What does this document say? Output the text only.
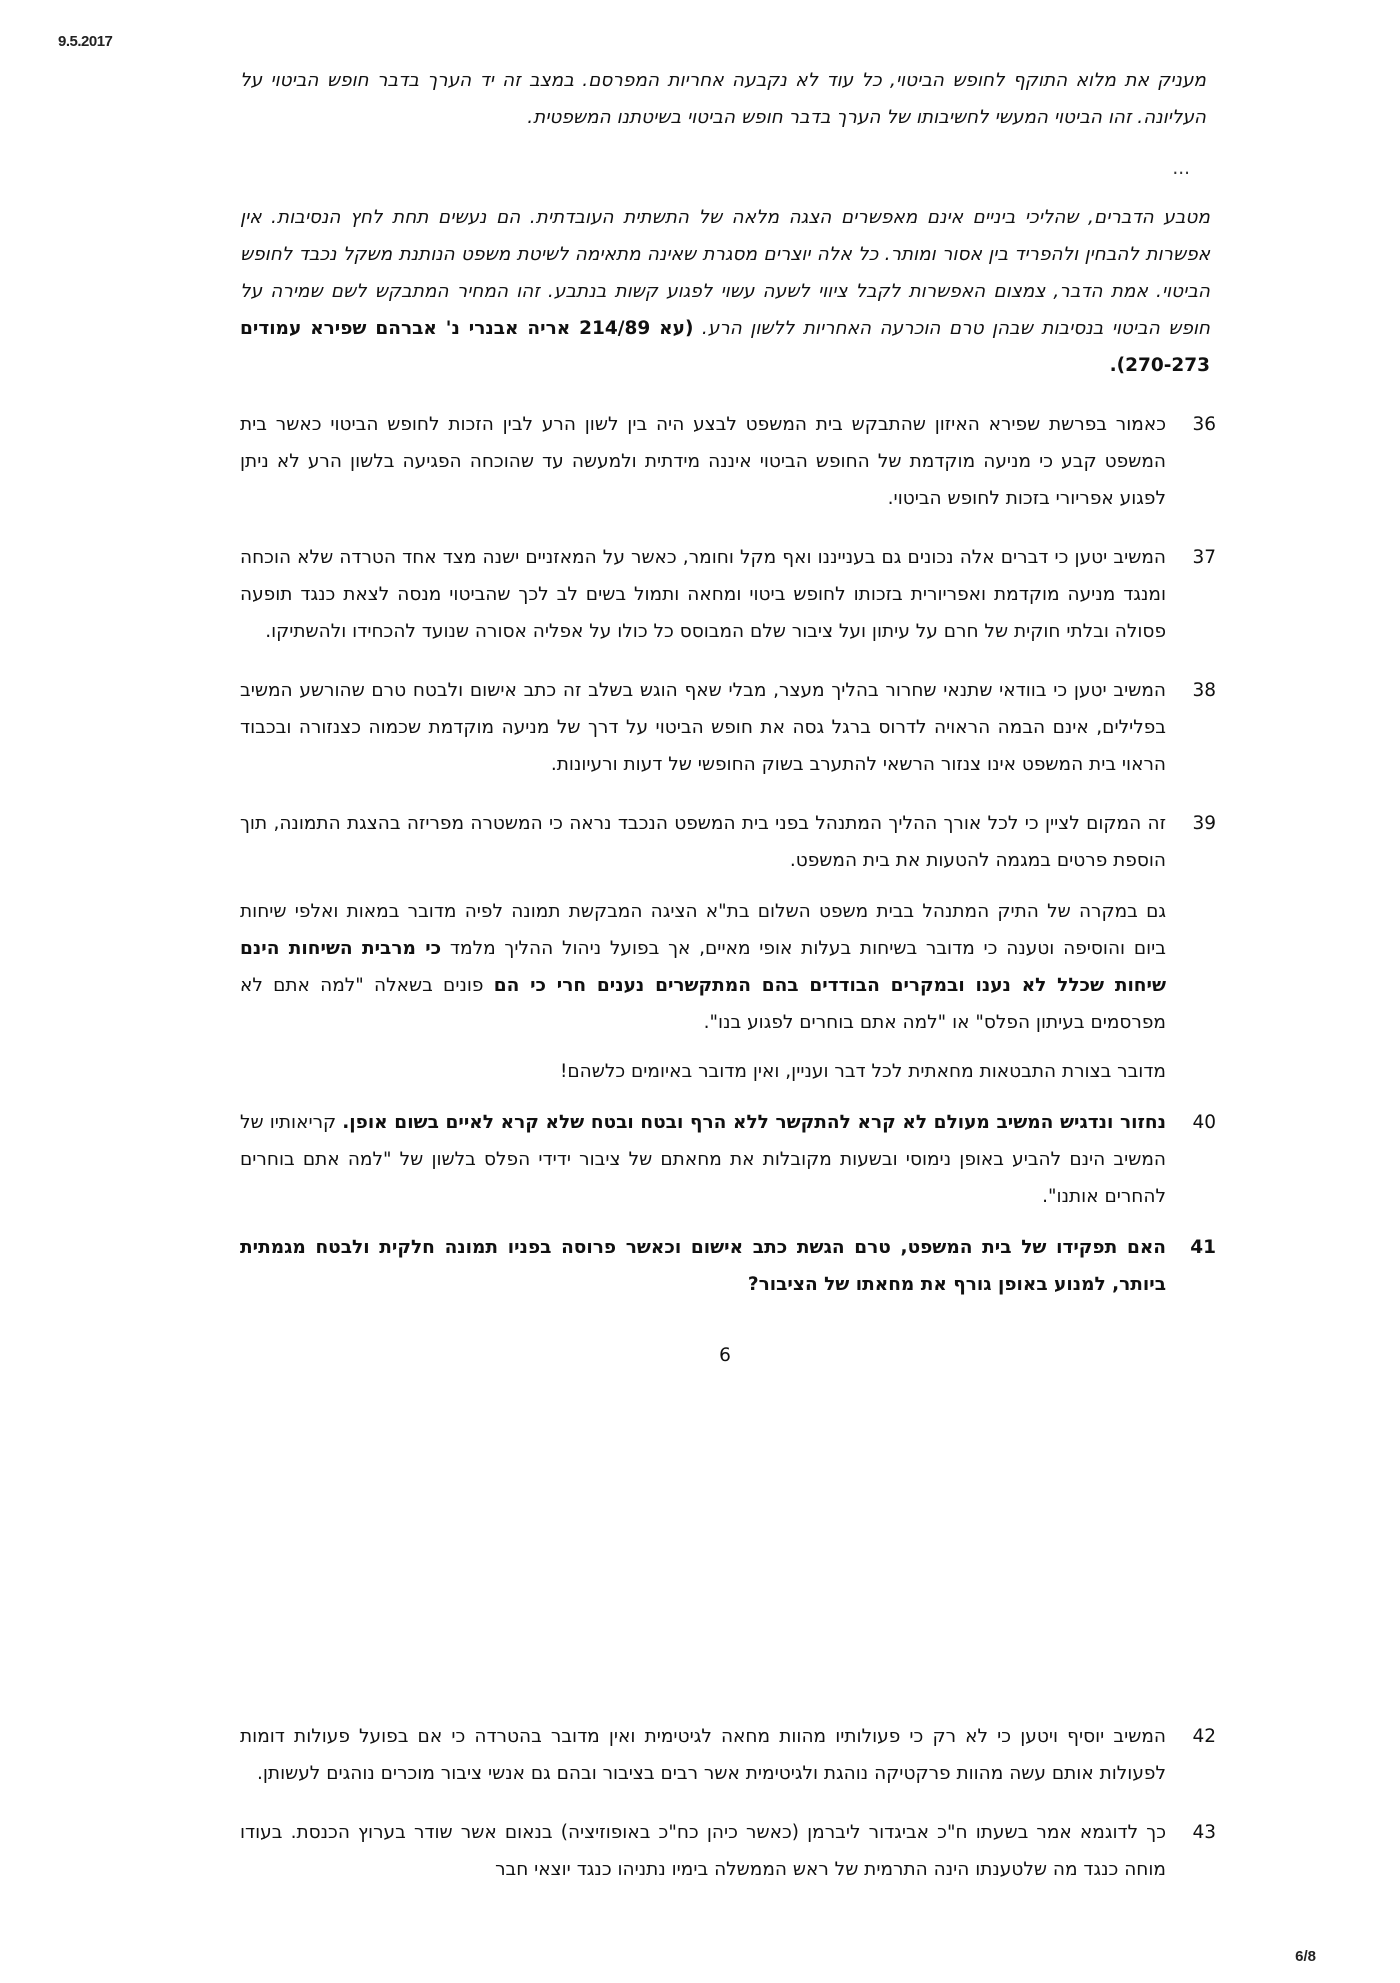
9.5.2017

מעניק את מלוא התוקף לחופש הביטוי, כל עוד לא נקבעה אחריות המפרסם. במצב זה יד הערך בדבר חופש הביטוי על העליונה. זהו הביטוי המעשי לחשיבותו של הערך בדבר חופש הביטוי בשיטתנו המשפטית.

...

מטבע הדברים, שהליכי ביניים אינם מאפשרים הצגה מלאה של התשתית העובדתית. הם נעשים תחת לחץ הנסיבות. אין אפשרות להבחין ולהפריד בין אסור ומותר. כל אלה יוצרים מסגרת שאינה מתאימה לשיטת משפט הנותנת משקל נכבד לחופש הביטוי. אמת הדבר, צמצום האפשרות לקבל ציווי לשעה עשוי לפגוע קשות בנתבע. זהו המחיר המתבקש לשם שמירה על חופש הביטוי בנסיבות שבהן טרם הוכרעה האחריות ללשון הרע. (עא 214/89 אריה אבנרי נ' אברהם שפירא עמודים 270-273).

36
כאמור בפרשת שפירא האיזון שהתבקש בית המשפט לבצע היה בין לשון הרע לבין הזכות לחופש הביטוי כאשר בית המשפט קבע כי מניעה מוקדמת של החופש הביטוי איננה מידתית ולמעשה עד שהוכחה הפגיעה בלשון הרע לא ניתן לפגוע אפריורי בזכות לחופש הביטוי.

37
המשיב יטען כי דברים אלה נכונים גם בענייננו ואף מקל וחומר, כאשר על המאזניים ישנה מצד אחד הטרדה שלא הוכחה ומנגד מניעה מוקדמת ואפריורית בזכותו לחופש ביטוי ומחאה ותמול בשים לב לכך שהביטוי מנסה לצאת כנגד תופעה פסולה ובלתי חוקית של חרם על עיתון ועל ציבור שלם המבוסס כל כולו על אפליה אסורה שנועד להכחידו ולהשתיקו.

38
המשיב יטען כי בוודאי שתנאי שחרור בהליך מעצר, מבלי שאף הוגש בשלב זה כתב אישום ולבטח טרם שהורשע המשיב בפלילים, אינם הבמה הראויה לדרוס ברגל גסה את חופש הביטוי על דרך של מניעה מוקדמת שכמוה כצנזורה ובכבוד הראוי בית המשפט אינו צנזור הרשאי להתערב בשוק החופשי של דעות ורעיונות.

39
זה המקום לציין כי לכל אורך ההליך המתנהל בפני בית המשפט הנכבד נראה כי המשטרה מפריזה בהצגת התמונה, תוך הוספת פרטים במגמה להטעות את בית המשפט.

גם במקרה של התיק המתנהל בבית משפט השלום בת"א הציגה המבקשת תמונה לפיה מדובר במאות ואלפי שיחות ביום והוסיפה וטענה כי מדובר בשיחות בעלות אופי מאיים, אך בפועל ניהול ההליך מלמד כי מרבית השיחות הינם שיחות שכלל לא נענו ובמקרים הבודדים בהם המתקשרים נענים חרי כי הם פונים בשאלה "למה אתם לא מפרסמים בעיתון הפלס" או "למה אתם בוחרים לפגוע בנו".

מדובר בצורת התבטאות מחאתית לכל דבר ועניין, ואין מדובר באיומים כלשהם!

40
נחזור ונדגיש המשיב מעולם לא קרא להתקשר ללא הרף ובטח ובטח שלא קרא לאיים בשום אופן. קריאותיו של המשיב הינם להביע באופן נימוסי ובשעות מקובלות את מחאתם של ציבור ידידי הפלס בלשון של "למה אתם בוחרים להחרים אותנו".

41
האם תפקידו של בית המשפט, טרם הגשת כתב אישום וכאשר פרוסה בפניו תמונה חלקית ולבטח מגמתית ביותר, למנוע באופן גורף את מחאתו של הציבור?

6

42
המשיב יוסיף ויטען כי לא רק כי פעולותיו מהוות מחאה לגיטימית ואין מדובר בהטרדה כי אם בפועל פעולות דומות לפעולות אותם עשה מהוות פרקטיקה נוהגת ולגיטימית אשר רבים בציבור ובהם גם אנשי ציבור מוכרים נוהגים לעשותן.

43
כך לדוגמא אמר בשעתו ח"כ אביגדור ליברמן (כאשר כיהן כח"כ באופוזיציה) בנאום אשר שודר בערוץ הכנסת. בעודו מוחה כנגד מה שלטענתו הינה התרמית של ראש הממשלה בימיו נתניהו כנגד יוצאי חבר

6/8
